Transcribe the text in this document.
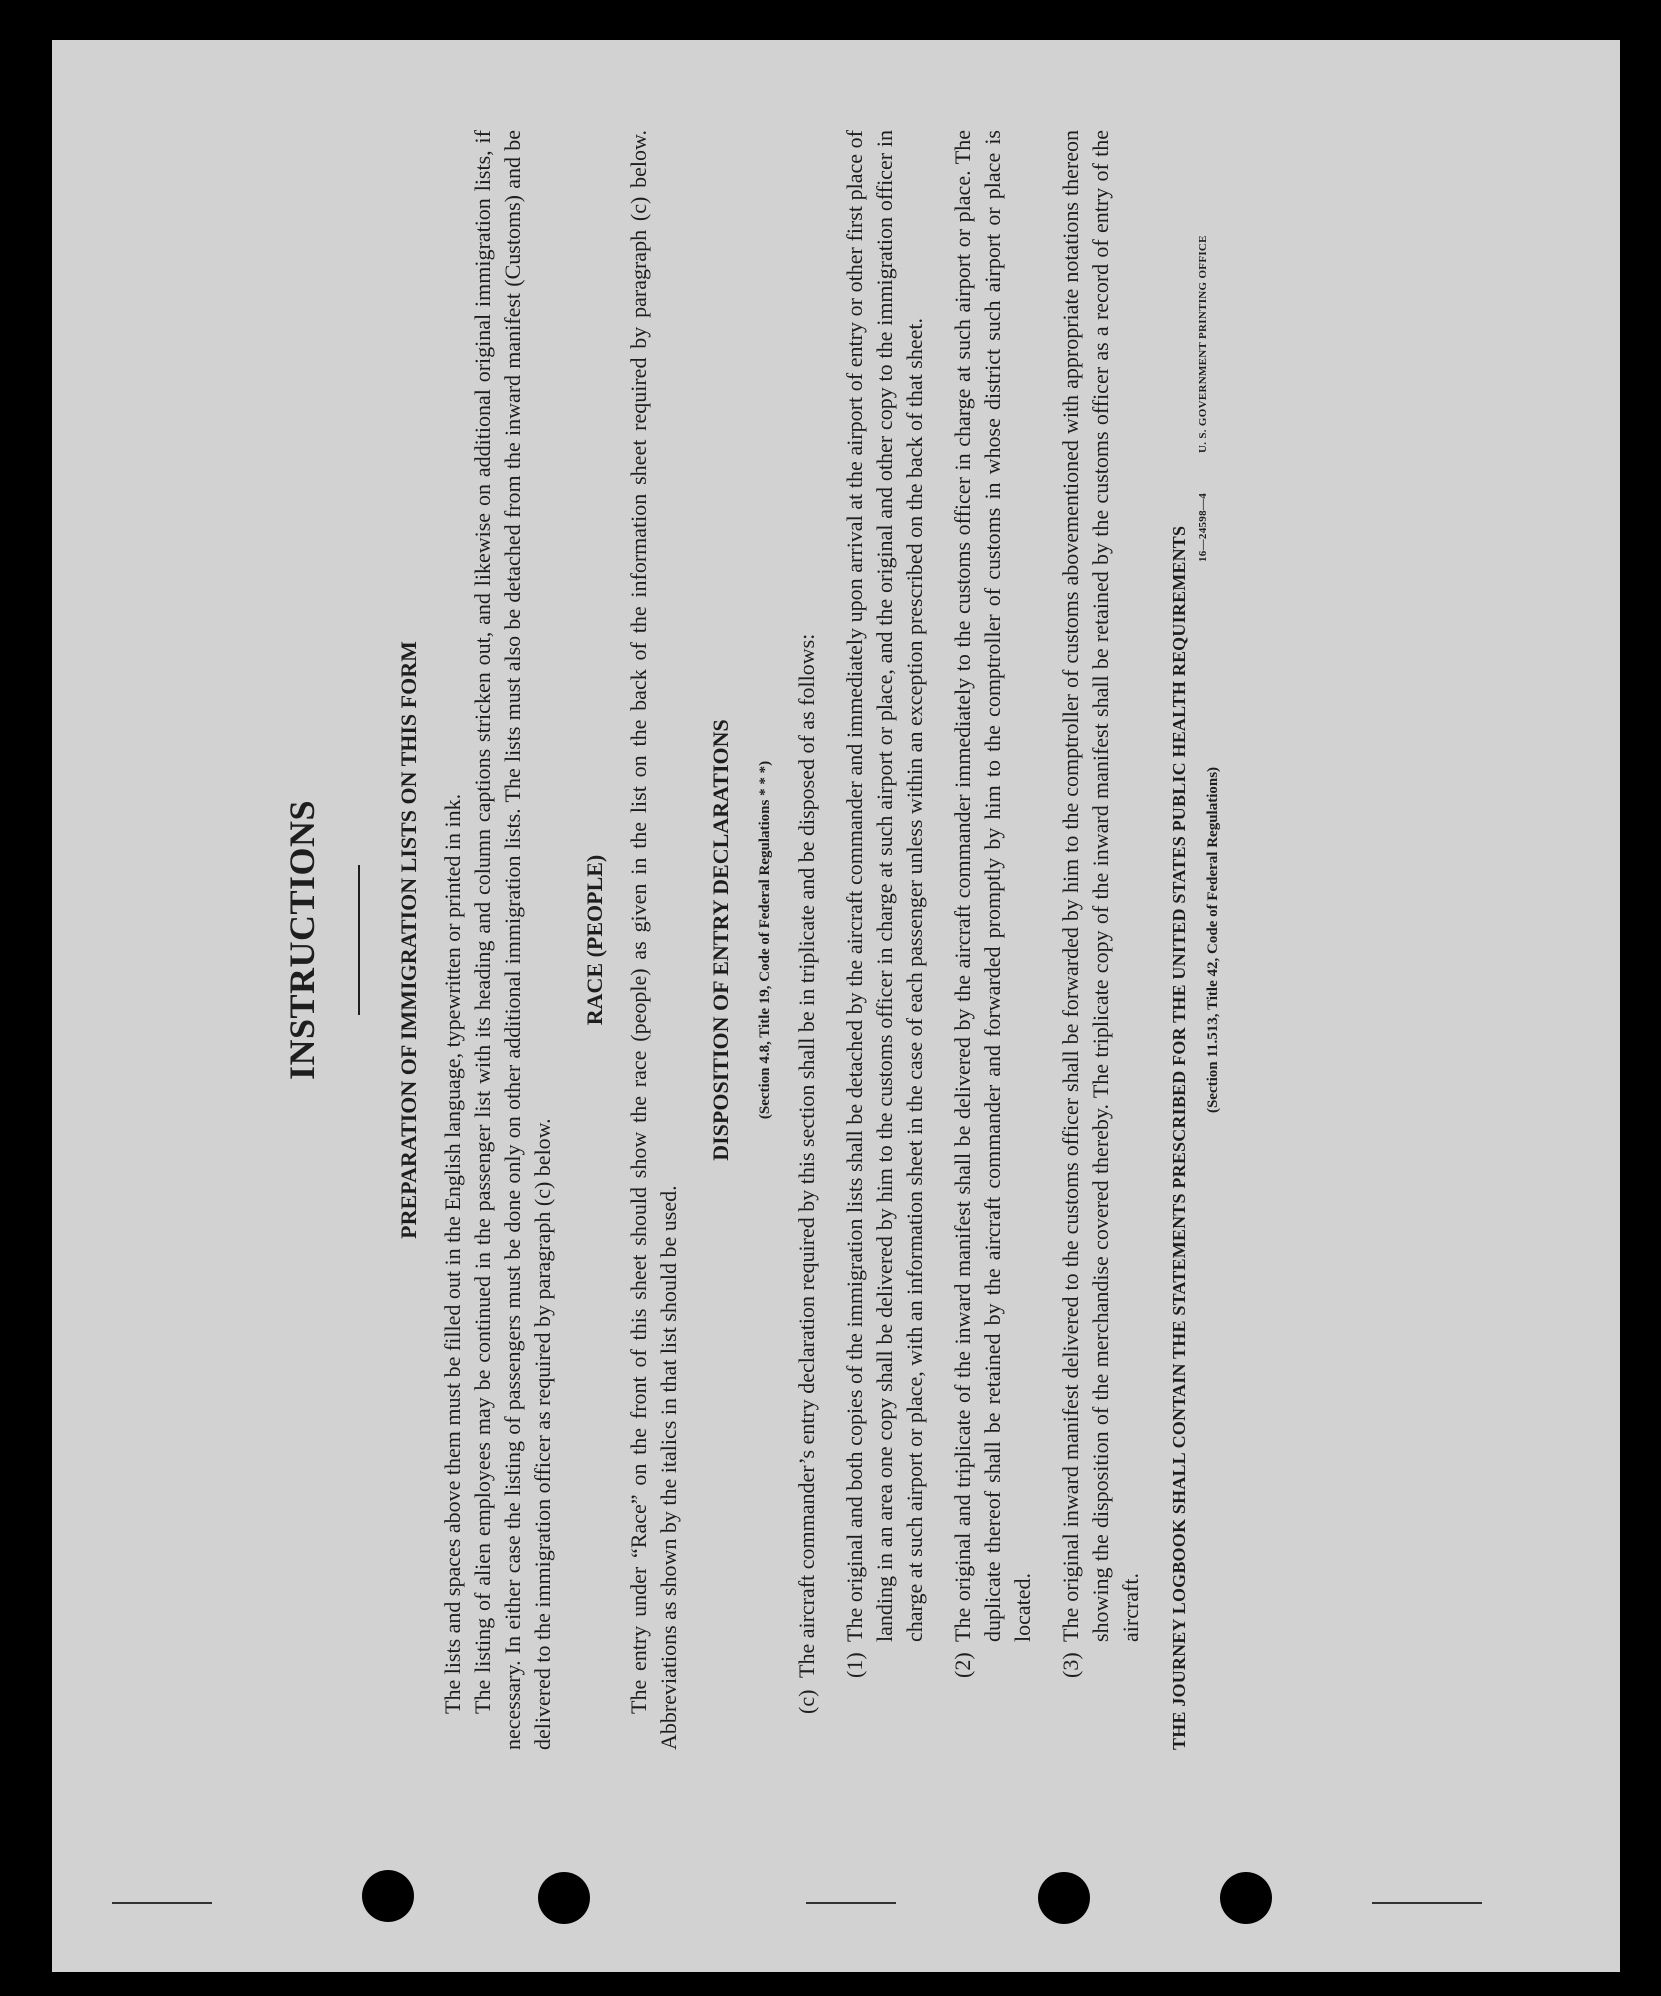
INSTRUCTIONS	PREPARATION OF IMMIGRATION LISTS ON THIS FORM The lists and spaces above them must be filled out in the English language, typewritten or printed in ink. The listing of alien employees may be continued in the passenger list with its heading and column captions stricken out, and likewise on additional original immigration lists, if necessary. In either case the listing of passengers must be done only on other additional immigration lists. The lists must also be detached from the inward manifest (Customs) and be delivered to the immigration officer as required by paragraph (c) below.

RACE (PEOPLE) The entry under “Race” on the front of this sheet should show the race (people) as given in the list on the back of the information sheet required by paragraph (c) below. Abbreviations as shown by the italics in that list should be used.

DISPOSITION OF ENTRY DECLARATIONS	(Section 4.8, Title 19, Code of Federal Regulations * * *)
(c)
The aircraft commander’s entry declaration required by this section shall be in triplicate and be disposed of as follows: (1)
The original and both copies of the immigration lists shall be detached by the aircraft commander and immediately upon arrival at the airport of entry or other first place of landing in an area one copy shall be delivered by him to the customs officer in charge at such airport or place, and the original and other copy to the immigration officer in charge at such airport or place, with an information sheet in the case of each passenger unless within an exception prescribed on the back of that sheet.
(2)
The original and triplicate of the inward manifest shall be delivered by the aircraft commander immediately to the customs officer in charge at such airport or place. The duplicate thereof shall be retained by the aircraft commander and forwarded promptly by him to the comptroller of customs in whose district such airport or place is located.
(3)
The original inward manifest delivered to the customs officer shall be forwarded by him to the comptroller of customs abovementioned with appropriate notations thereon showing the disposition of the merchandise covered thereby. The triplicate copy of the inward manifest shall be retained by the customs officer as a record of entry of the aircraft. THE JOURNEY LOGBOOK SHALL CONTAIN THE STATEMENTS PRESCRIBED FOR THE UNITED STATES PUBLIC HEALTH REQUIREMENTS	(Section 11.513, Title 42, Code of Federal Regulations)
16—24598—4U. S. GOVERNMENT PRINTING OFFICE
